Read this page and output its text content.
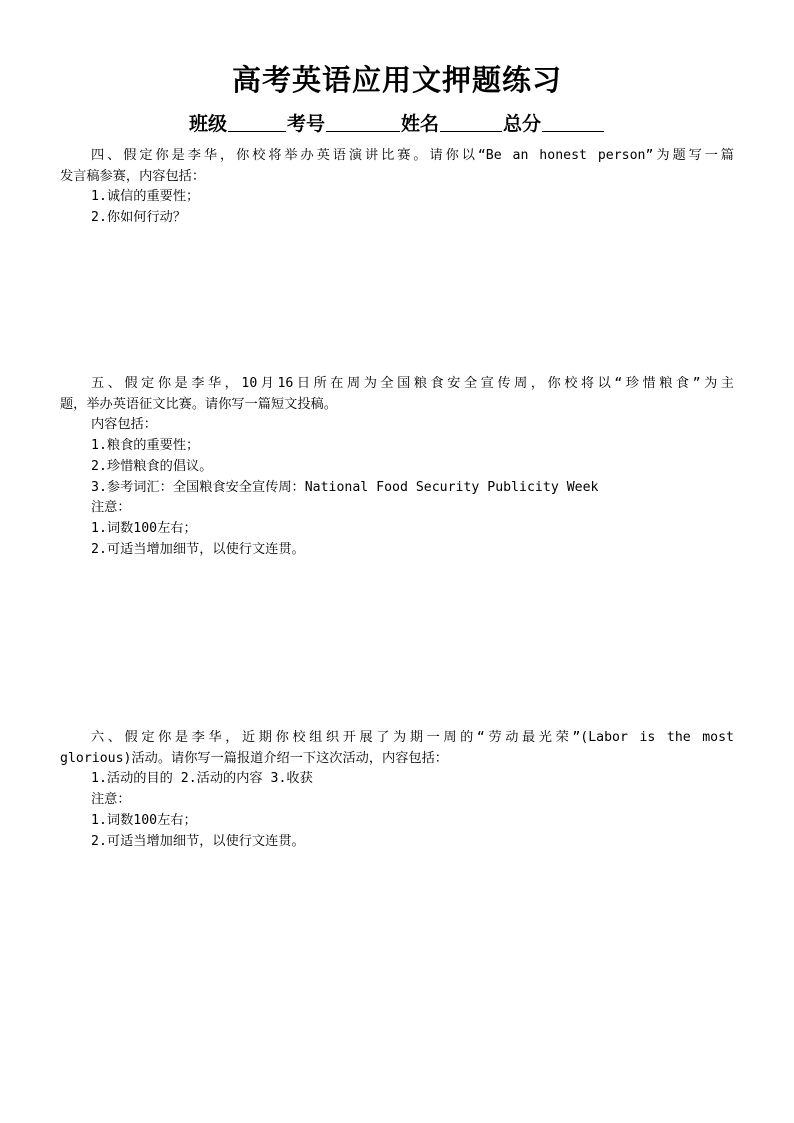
高考英语应用文押题练习
班级	考号	姓名	总分
四、假定你是李华，你校将举办英语演讲比赛。请你以“Be an honest person”为题写一篇
发言稿参赛，内容包括：
1.诚信的重要性；
2.你如何行动？
五、假定你是李华，10月16日所在周为全国粮食安全宣传周，你校将以“珍惜粮食”为主
题，举办英语征文比赛。请你写一篇短文投稿。
内容包括：
1.粮食的重要性；
2.珍惜粮食的倡议。
3.参考词汇：全国粮食安全宣传周：National Food Security Publicity Week
注意：
1.词数100左右；
2.可适当增加细节，以使行文连贯。
六、假定你是李华，近期你校组织开展了为期一周的“劳动最光荣”(Labor is the most
glorious)活动。请你写一篇报道介绍一下这次活动，内容包括：
1.活动的目的 2.活动的内容 3.收获
注意：
1.词数100左右；
2.可适当增加细节，以使行文连贯。
